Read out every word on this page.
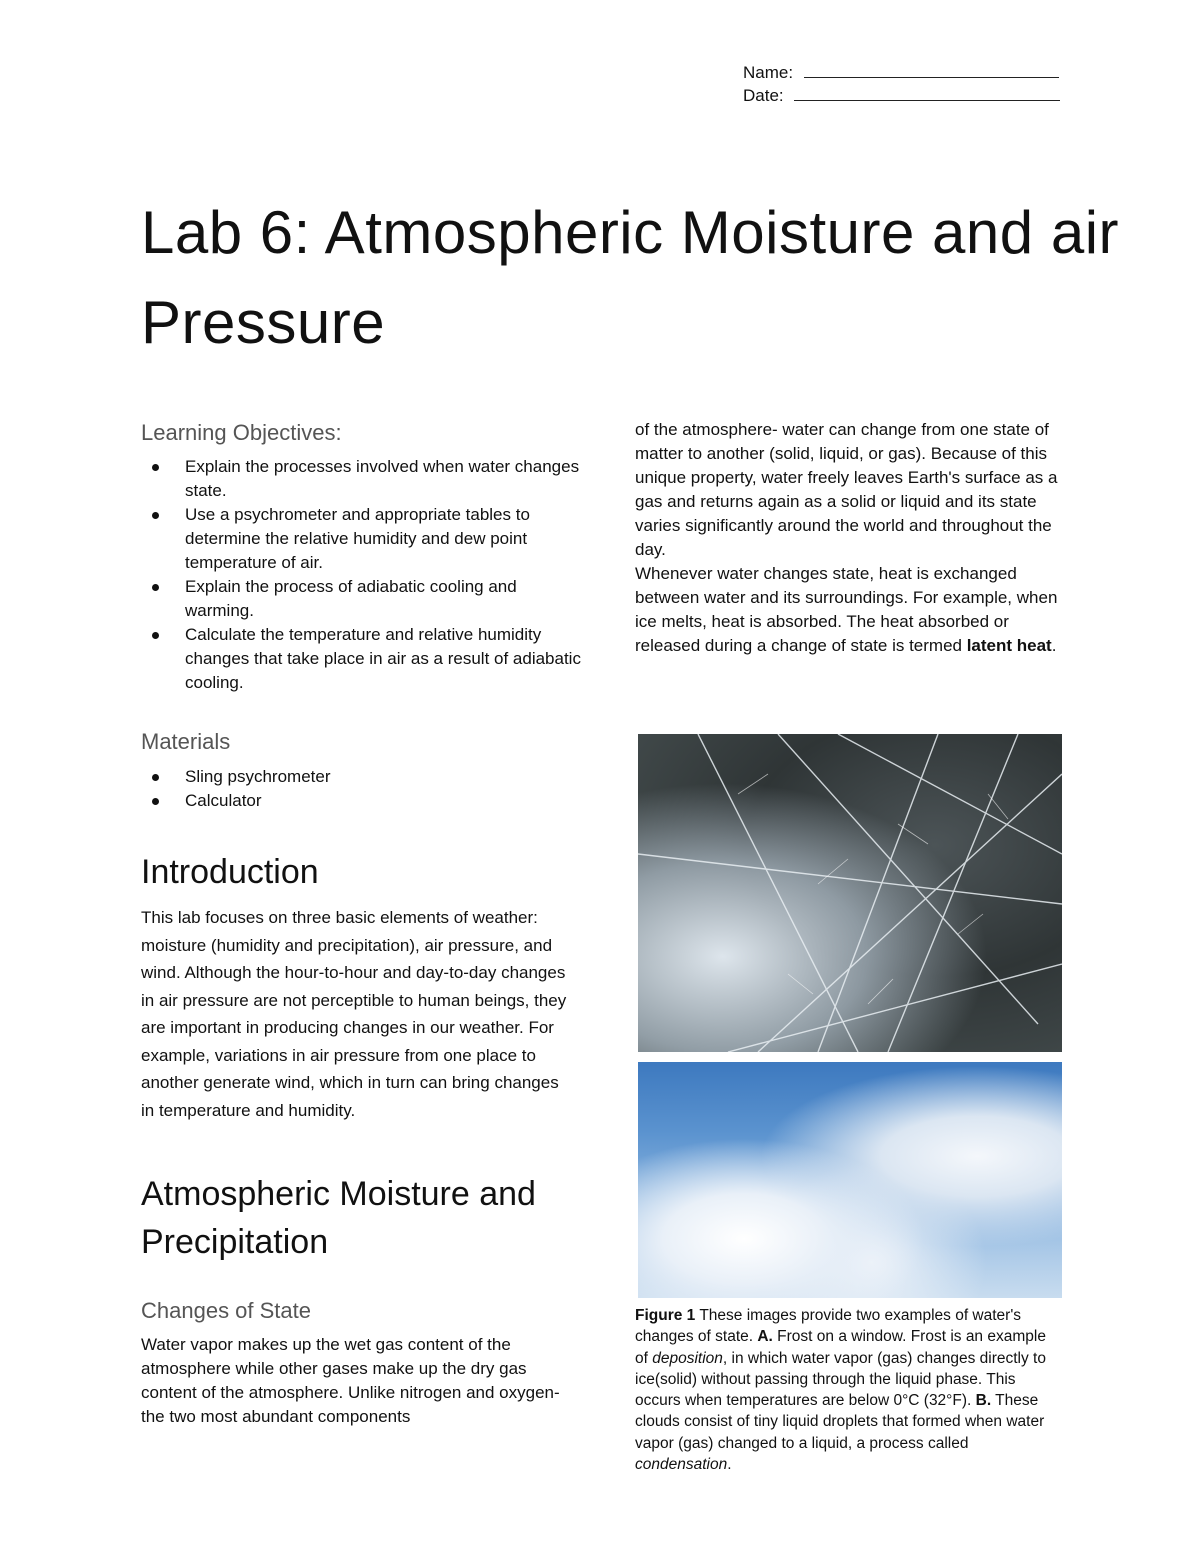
Name:
Date:
Lab 6: Atmospheric Moisture and air Pressure
Learning Objectives:
Explain the processes involved when water changes state.
Use a psychrometer and appropriate tables to determine the relative humidity and dew point temperature of air.
Explain the process of adiabatic cooling and warming.
Calculate the temperature and relative humidity changes that take place in air as a result of adiabatic cooling.
Materials
Sling psychrometer
Calculator
Introduction

This lab focuses on three basic elements of weather: moisture (humidity and precipitation), air pressure, and wind. Although the hour-to-hour and day-to-day changes in air pressure are not perceptible to human beings, they are important in producing changes in our weather. For example, variations in air pressure from one place to another generate wind, which in turn can bring changes in temperature and humidity.

Atmospheric Moisture and Precipitation
Changes of State

Water vapor makes up the wet gas content of the atmosphere while other gases make up the dry gas content of the atmosphere. Unlike nitrogen and oxygen- the two most abundant components

of the atmosphere- water can change from one state of matter to another (solid, liquid, or gas). Because of this unique property, water freely leaves Earth's surface as a gas and returns again as a solid or liquid and its state varies significantly around the world and throughout the day.

Whenever water changes state, heat is exchanged between water and its surroundings. For example, when ice melts, heat is absorbed. The heat absorbed or released during a change of state is termed latent heat.

Figure 1 These images provide two examples of water's changes of state. A. Frost on a window. Frost is an example of deposition, in which water vapor (gas) changes directly to ice(solid) without passing through the liquid phase. This occurs when temperatures are below 0°C (32°F). B. These clouds consist of tiny liquid droplets that formed when water vapor (gas) changed to a liquid, a process called condensation.
